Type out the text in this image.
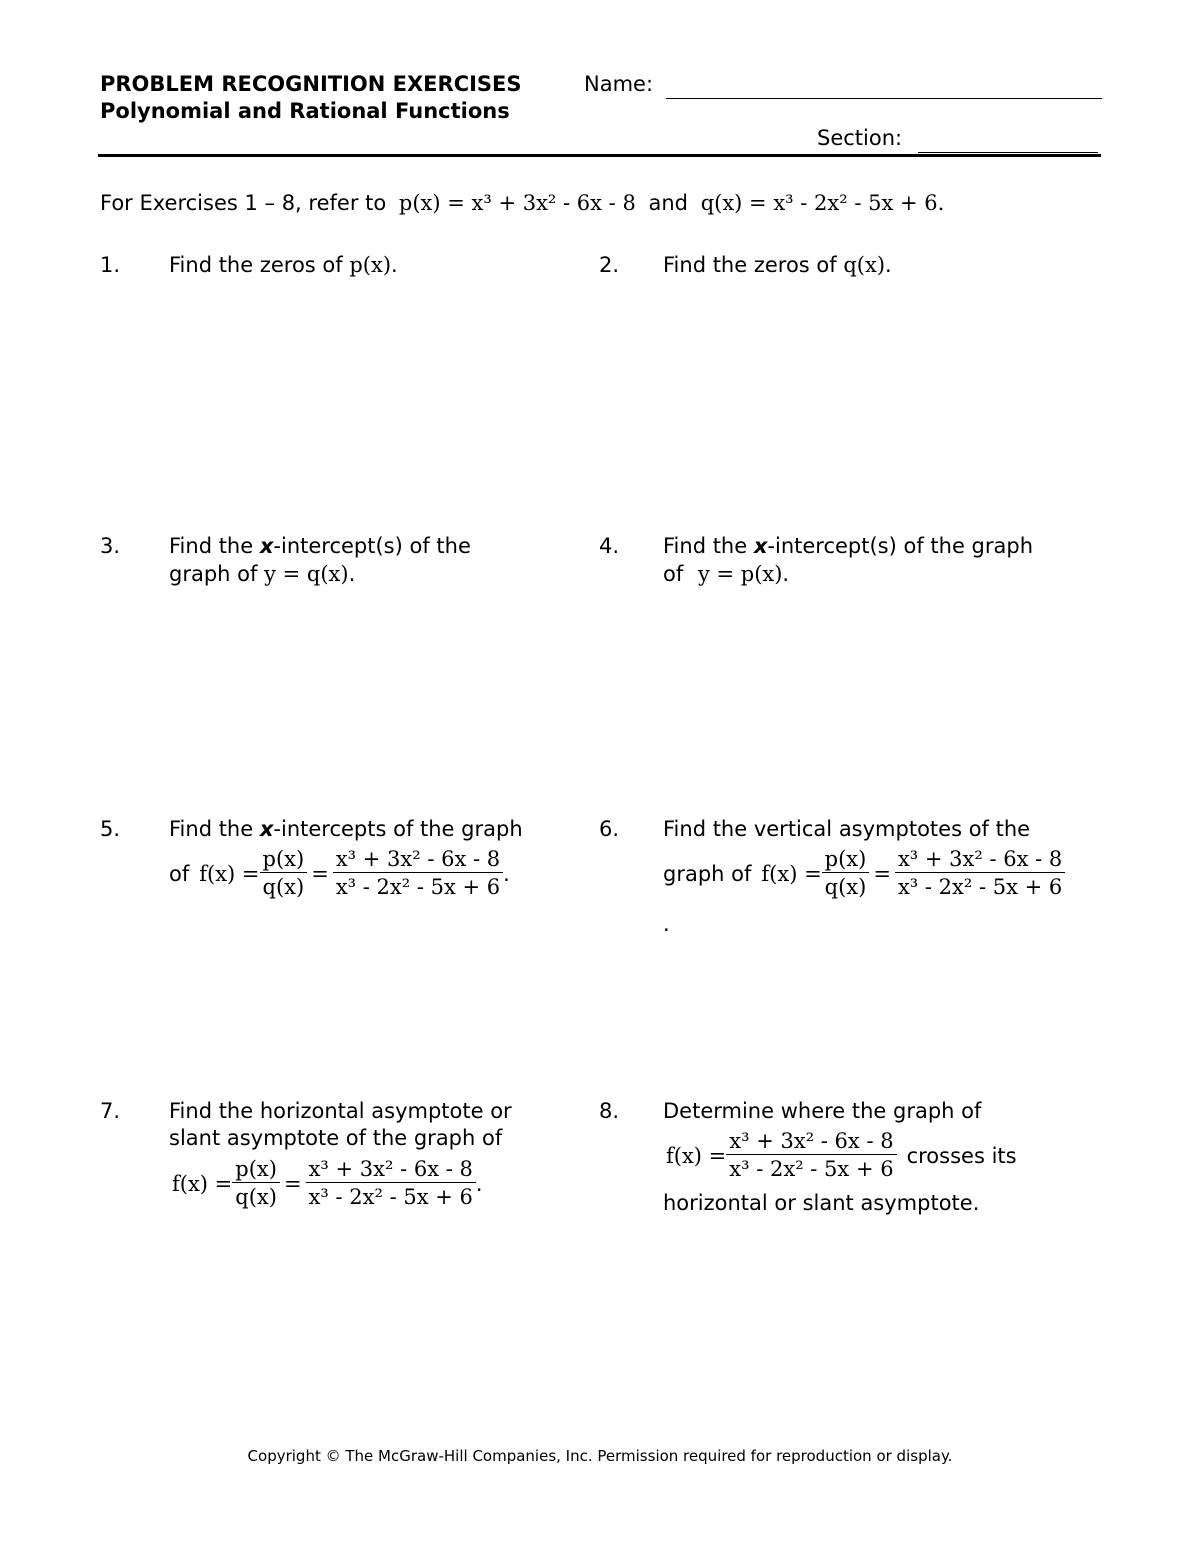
PROBLEM RECOGNITION EXERCISES	Name:
Polynomial and Rational Functions
Section:
For Exercises 1 – 8, refer to p(x) = x³ + 3x² - 6x - 8 and q(x) = x³ - 2x² - 5x + 6.
1. Find the zeros of p(x).	2. Find the zeros of q(x).
3. Find the x-intercept(s) of the
graph of y = q(x).
4. Find the x-intercept(s) of the graph
of y = p(x).
5. Find the x-intercepts of the graph
of $f(x) = \frac{p(x)}{q(x)} = \frac{\text{x³ + 3x² - 6x - 8}}{\text{x³ - 2x² - 5x + 6}}$ .
6. Find the vertical asymptotes of the
graph of $f(x) = \frac{p(x)}{q(x)} = \frac{\text{x³ + 3x² - 6x - 8}}{\text{x³ - 2x² - 5x + 6}}$
.
7. Find the horizontal asymptote or
slant asymptote of the graph of
$f(x) = \frac{p(x)}{q(x)} = \frac{\text{x³ + 3x² - 6x - 8}}{\text{x³ - 2x² - 5x + 6}}$ .
8. Determine where the graph of
$f(x) = \frac{\text{x³ + 3x² - 6x - 8}}{\text{x³ - 2x² - 5x + 6}}$ crosses its
horizontal or slant asymptote.
Copyright © The McGraw-Hill Companies, Inc. Permission required for reproduction or display.
